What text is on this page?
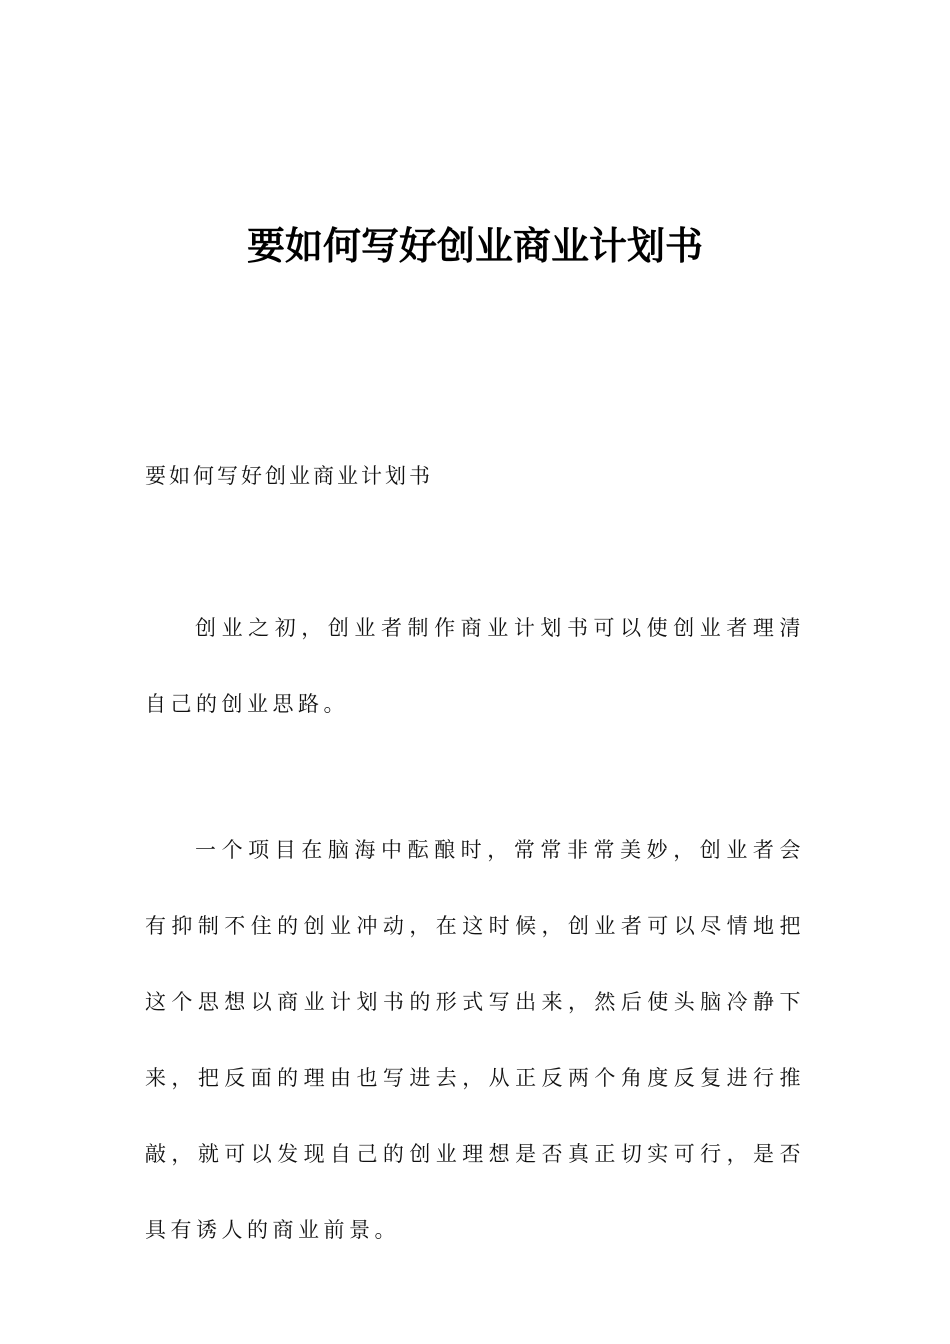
要如何写好创业商业计划书

要如何写好创业商业计划书

创业之初，创业者制作商业计划书可以使创业者理清自己的创业思路。

一个项目在脑海中酝酿时，常常非常美妙，创业者会有抑制不住的创业冲动，在这时候，创业者可以尽情地把这个思想以商业计划书的形式写出来，然后使头脑冷静下来，把反面的理由也写进去，从正反两个角度反复进行推敲，就可以发现自己的创业理想是否真正切实可行，是否具有诱人的商业前景。
